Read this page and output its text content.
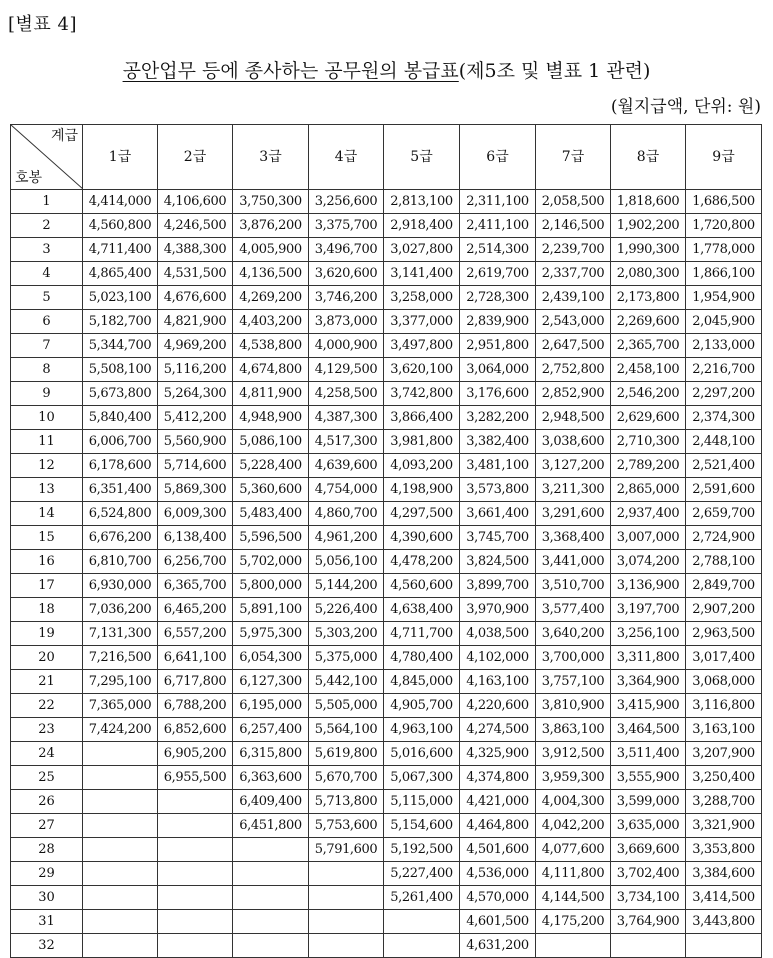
[별표 4]
공안업무 등에 종사하는 공무원의 봉급표(제5조 및 별표 1 관련)
(월지급액, 단위: 원)
계급
호봉	1급	2급	3급	4급	5급	6급	7급	8급	9급
1	4,414,000	4,106,600	3,750,300	3,256,600	2,813,100	2,311,100	2,058,500	1,818,600	1,686,500
2	4,560,800	4,246,500	3,876,200	3,375,700	2,918,400	2,411,100	2,146,500	1,902,200	1,720,800
3	4,711,400	4,388,300	4,005,900	3,496,700	3,027,800	2,514,300	2,239,700	1,990,300	1,778,000
4	4,865,400	4,531,500	4,136,500	3,620,600	3,141,400	2,619,700	2,337,700	2,080,300	1,866,100
5	5,023,100	4,676,600	4,269,200	3,746,200	3,258,000	2,728,300	2,439,100	2,173,800	1,954,900
6	5,182,700	4,821,900	4,403,200	3,873,000	3,377,000	2,839,900	2,543,000	2,269,600	2,045,900
7	5,344,700	4,969,200	4,538,800	4,000,900	3,497,800	2,951,800	2,647,500	2,365,700	2,133,000
8	5,508,100	5,116,200	4,674,800	4,129,500	3,620,100	3,064,000	2,752,800	2,458,100	2,216,700
9	5,673,800	5,264,300	4,811,900	4,258,500	3,742,800	3,176,600	2,852,900	2,546,200	2,297,200
10	5,840,400	5,412,200	4,948,900	4,387,300	3,866,400	3,282,200	2,948,500	2,629,600	2,374,300
11	6,006,700	5,560,900	5,086,100	4,517,300	3,981,800	3,382,400	3,038,600	2,710,300	2,448,100
12	6,178,600	5,714,600	5,228,400	4,639,600	4,093,200	3,481,100	3,127,200	2,789,200	2,521,400
13	6,351,400	5,869,300	5,360,600	4,754,000	4,198,900	3,573,800	3,211,300	2,865,000	2,591,600
14	6,524,800	6,009,300	5,483,400	4,860,700	4,297,500	3,661,400	3,291,600	2,937,400	2,659,700
15	6,676,200	6,138,400	5,596,500	4,961,200	4,390,600	3,745,700	3,368,400	3,007,000	2,724,900
16	6,810,700	6,256,700	5,702,000	5,056,100	4,478,200	3,824,500	3,441,000	3,074,200	2,788,100
17	6,930,000	6,365,700	5,800,000	5,144,200	4,560,600	3,899,700	3,510,700	3,136,900	2,849,700
18	7,036,200	6,465,200	5,891,100	5,226,400	4,638,400	3,970,900	3,577,400	3,197,700	2,907,200
19	7,131,300	6,557,200	5,975,300	5,303,200	4,711,700	4,038,500	3,640,200	3,256,100	2,963,500
20	7,216,500	6,641,100	6,054,300	5,375,000	4,780,400	4,102,000	3,700,000	3,311,800	3,017,400
21	7,295,100	6,717,800	6,127,300	5,442,100	4,845,000	4,163,100	3,757,100	3,364,900	3,068,000
22	7,365,000	6,788,200	6,195,000	5,505,000	4,905,700	4,220,600	3,810,900	3,415,900	3,116,800
23	7,424,200	6,852,600	6,257,400	5,564,100	4,963,100	4,274,500	3,863,100	3,464,500	3,163,100
24		6,905,200	6,315,800	5,619,800	5,016,600	4,325,900	3,912,500	3,511,400	3,207,900
25		6,955,500	6,363,600	5,670,700	5,067,300	4,374,800	3,959,300	3,555,900	3,250,400
26			6,409,400	5,713,800	5,115,000	4,421,000	4,004,300	3,599,000	3,288,700
27			6,451,800	5,753,600	5,154,600	4,464,800	4,042,200	3,635,000	3,321,900
28				5,791,600	5,192,500	4,501,600	4,077,600	3,669,600	3,353,800
29					5,227,400	4,536,000	4,111,800	3,702,400	3,384,600
30					5,261,400	4,570,000	4,144,500	3,734,100	3,414,500
31						4,601,500	4,175,200	3,764,900	3,443,800
32						4,631,200			
